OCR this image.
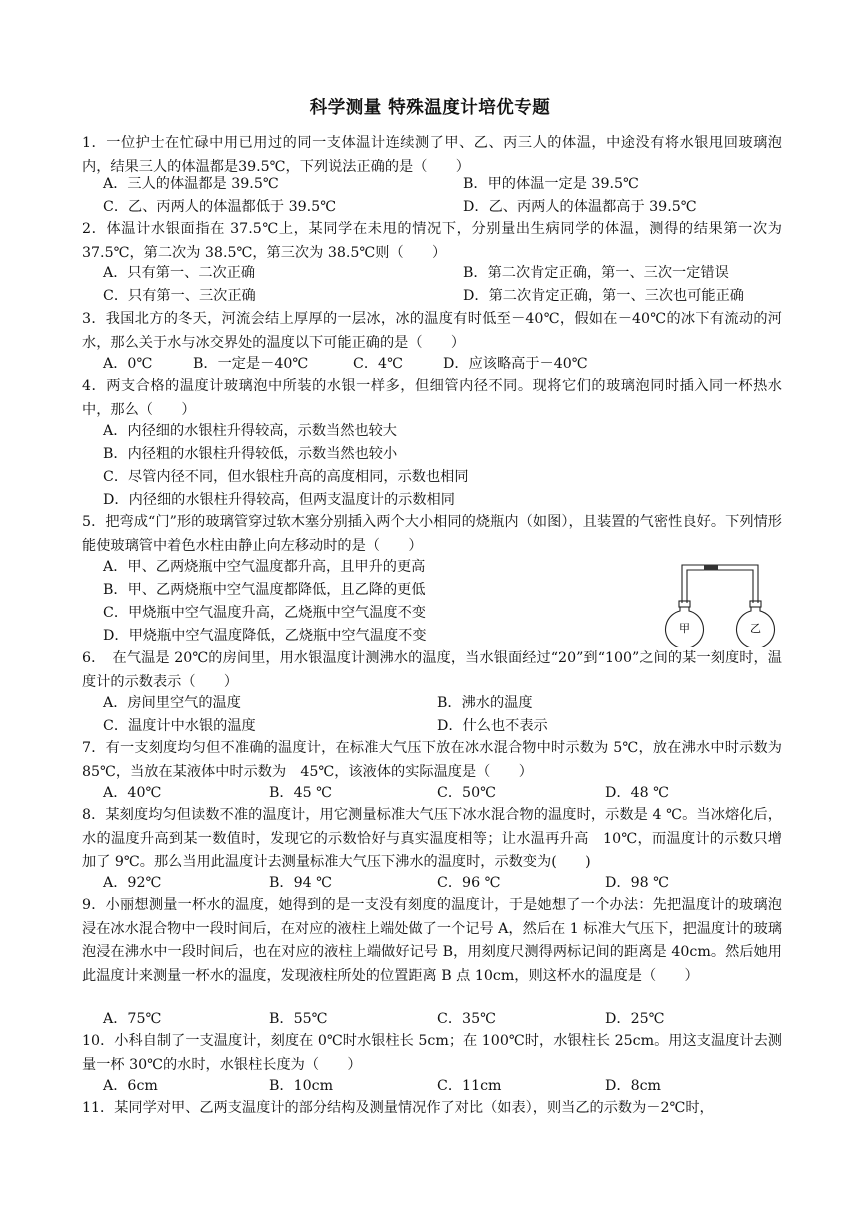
科学测量 特殊温度计培优专题
1．一位护士在忙碌中用已用过的同一支体温计连续测了甲、乙、丙三人的体温，中途没有将水银甩回玻璃泡内，结果三人的体温都是39.5℃，下列说法正确的是（　　）
A．三人的体温都是 39.5℃	B．甲的体温一定是 39.5℃
C．乙、丙两人的体温都低于 39.5℃	D．乙、丙两人的体温都高于 39.5℃
2．体温计水银面指在 37.5℃上，某同学在未甩的情况下，分别量出生病同学的体温，测得的结果第一次为 37.5℃，第二次为 38.5℃，第三次为 38.5℃则（　　）
A．只有第一、二次正确	B．第二次肯定正确，第一、三次一定错误
C．只有第一、三次正确	D．第二次肯定正确，第一、三次也可能正确
3．我国北方的冬天，河流会结上厚厚的一层冰，冰的温度有时低至－40℃，假如在－40℃的冰下有流动的河水，那么关于水与冰交界处的温度以下可能正确的是（　　）
A．0℃	B．一定是－40℃	C．4℃	D．应该略高于－40℃
4．两支合格的温度计玻璃泡中所装的水银一样多，但细管内径不同。现将它们的玻璃泡同时插入同一杯热水中，那么（　　）
A．内径细的水银柱升得较高，示数当然也较大
B．内径粗的水银柱升得较低，示数当然也较小
C．尽管内径不同，但水银柱升高的高度相同，示数也相同
D．内径细的水银柱升得较高，但两支温度计的示数相同
5．把弯成“门”形的玻璃管穿过软木塞分别插入两个大小相同的烧瓶内（如图），且装置的气密性良好。下列情形能使玻璃管中着色水柱由静止向左移动时的是（　　）
A．甲、乙两烧瓶中空气温度都升高，且甲升的更高
B．甲、乙两烧瓶中空气温度都降低，且乙降的更低
C．甲烧瓶中空气温度升高，乙烧瓶中空气温度不变
D．甲烧瓶中空气温度降低，乙烧瓶中空气温度不变	甲	乙
6．　在气温是 20℃的房间里，用水银温度计测沸水的温度，当水银面经过“20”到“100”之间的某一刻度时，温度计的示数表示（　　）
A．房间里空气的温度	B．沸水的温度
C．温度计中水银的温度	D．什么也不表示
7．有一支刻度均匀但不准确的温度计，在标准大气压下放在冰水混合物中时示数为 5℃，放在沸水中时示数为 85℃，当放在某液体中时示数为　45℃，该液体的实际温度是（　　）
A．40℃	B．45 ℃	C．50℃	D．48 ℃
8．某刻度均匀但读数不准的温度计，用它测量标准大气压下冰水混合物的温度时，示数是 4 ℃。当冰熔化后，水的温度升高到某一数值时，发现它的示数恰好与真实温度相等；让水温再升高　10℃，而温度计的示数只增加了 9℃。那么当用此温度计去测量标准大气压下沸水的温度时，示数变为(　　)
A．92℃	B．94 ℃	C．96 ℃	D．98 ℃
9．小丽想测量一杯水的温度，她得到的是一支没有刻度的温度计，于是她想了一个办法：先把温度计的玻璃泡浸在冰水混合物中一段时间后，在对应的液柱上端处做了一个记号 A，然后在 1 标准大气压下，把温度计的玻璃泡浸在沸水中一段时间后，也在对应的液柱上端做好记号 B，用刻度尺测得两标记间的距离是 40cm。然后她用此温度计来测量一杯水的温度，发现液柱所处的位置距离 B 点 10cm，则这杯水的温度是（　　）
A．75℃	B．55℃	C．35℃	D．25℃
10．小科自制了一支温度计，刻度在 0℃时水银柱长 5cm；在 100℃时，水银柱长 25cm。用这支温度计去测量一杯 30℃的水时，水银柱长度为（　　）
A．6cm	B．10cm	C．11cm	D．8cm
11．某同学对甲、乙两支温度计的部分结构及测量情况作了对比（如表），则当乙的示数为－2℃时，
